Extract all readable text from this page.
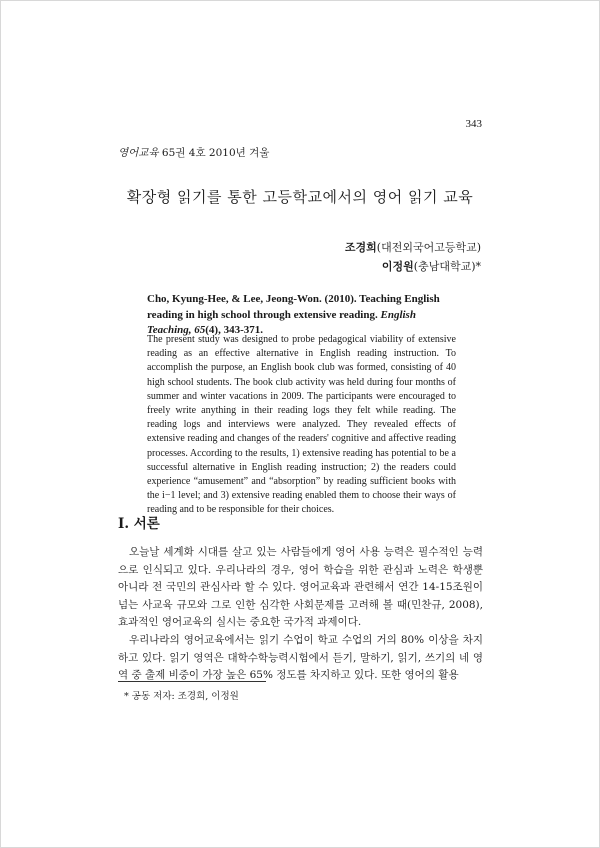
343
영어교육 65권 4호 2010년 겨울
확장형 읽기를 통한 고등학교에서의 영어 읽기 교육
조경희(대전외국어고등학교)
이정원(충남대학교)*
Cho, Kyung-Hee, & Lee, Jeong-Won. (2010). Teaching English reading in high school through extensive reading. English Teaching, 65(4), 343-371.
The present study was designed to probe pedagogical viability of extensive reading as an effective alternative in English reading instruction. To accomplish the purpose, an English book club was formed, consisting of 40 high school students. The book club activity was held during four months of summer and winter vacations in 2009. The participants were encouraged to freely write anything in their reading logs they felt while reading. The reading logs and interviews were analyzed. They revealed effects of extensive reading and changes of the readers' cognitive and affective reading processes. According to the results, 1) extensive reading has potential to be a successful alternative in English reading instruction; 2) the readers could experience “amusement” and “absorption” by reading sufficient books with the i−1 level; and 3) extensive reading enabled them to choose their ways of reading and to be responsible for their choices.
I. 서론

오늘날 세계화 시대를 살고 있는 사람들에게 영어 사용 능력은 필수적인 능력으로 인식되고 있다. 우리나라의 경우, 영어 학습을 위한 관심과 노력은 학생뿐 아니라 전 국민의 관심사라 할 수 있다. 영어교육과 관련해서 연간 14-15조원이 넘는 사교육 규모와 그로 인한 심각한 사회문제를 고려해 볼 때(민찬규, 2008), 효과적인 영어교육의 실시는 중요한 국가적 과제이다.

우리나라의 영어교육에서는 읽기 수업이 학교 수업의 거의 80% 이상을 차지하고 있다. 읽기 영역은 대학수학능력시험에서 듣기, 말하기, 읽기, 쓰기의 네 영역 중 출제 비중이 가장 높은 65% 정도를 차지하고 있다. 또한 영어의 활용

* 공동 저자: 조경희, 이정원
